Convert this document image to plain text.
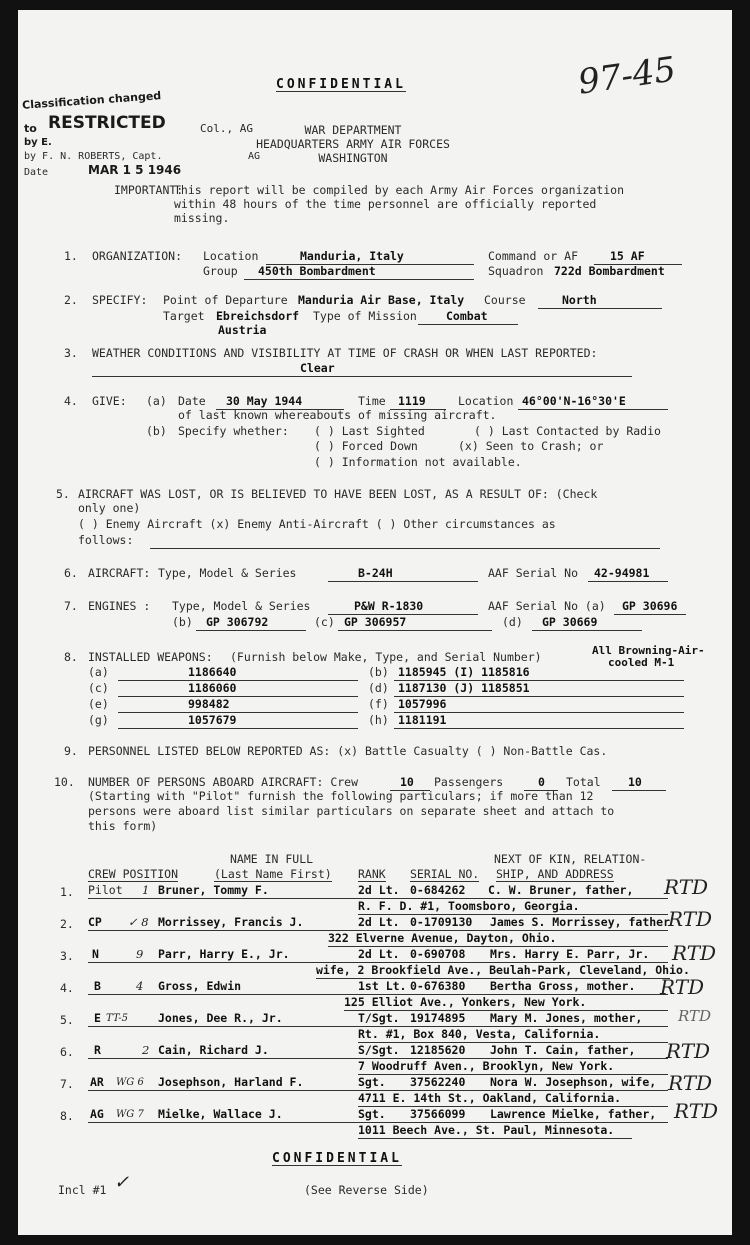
CONFIDENTIAL	97-45
Classification changed
to RESTRICTED	Col., AG
by E.
by F. N. ROBERTS, Capt.	AG
Date	MAR 1 5 1946
WAR DEPARTMENT
HEADQUARTERS ARMY AIR FORCES
WASHINGTON
IMPORTANT:
This report will be compiled by each Army Air Forces organization
within 48 hours of the time personnel are officially reported
missing.
1. ORGANIZATION: Location	Manduria, Italy	Command or AF	15 AF
Group 450th Bombardment	Squadron 722d Bombardment
2. SPECIFY: Point of Departure Manduria Air Base, Italy Course	North
Target Ebreichsdorf Type of Mission	Combat
Austria
3. WEATHER CONDITIONS AND VISIBILITY AT TIME OF CRASH OR WHEN LAST REPORTED:
Clear
4. GIVE: (a) Date 30 May 1944	Time 1119	Location 46°00'N-16°30'E
of last known whereabouts of missing aircraft.
(b) Specify whether: ( ) Last Sighted	( ) Last Contacted by Radio
( ) Forced Down	(x) Seen to Crash; or
( ) Information not available.
5. AIRCRAFT WAS LOST, OR IS BELIEVED TO HAVE BEEN LOST, AS A RESULT OF: (Check
only one)
( ) Enemy Aircraft (x) Enemy Anti-Aircraft ( ) Other circumstances as
follows:
6. AIRCRAFT: Type, Model & Series	B-24H	AAF Serial No 42-94981
7. ENGINES : Type, Model & Series	P&W R-1830	AAF Serial No (a) GP 30696
(b) GP 306792	(c) GP 306957	(d) GP 30669
8. INSTALLED WEAPONS: (Furnish below Make, Type, and Serial Number)	All Browning-Air-
cooled M-1
(a)	1186640	(b) 1185945 (I) 1185816
(c)	1186060	(d) 1187130 (J) 1185851
(e)	998482	(f) 1057996
(g)	1057679	(h) 1181191
9. PERSONNEL LISTED BELOW REPORTED AS: (x) Battle Casualty ( ) Non-Battle Cas.
10. NUMBER OF PERSONS ABOARD AIRCRAFT: Crew	10 Passengers	0 Total 10
(Starting with "Pilot" furnish the following particulars; if more than 12
persons were aboard list similar particulars on separate sheet and attach to
this form)
NAME IN FULL	NEXT OF KIN, RELATION-
CREW POSITION	(Last Name First) RANK SERIAL NO. SHIP, AND ADDRESS
1. Pilot 1 Bruner, Tommy F.	2d Lt. 0-684262 C. W. Bruner, father,
R. F. D. #1, Toomsboro, Georgia.
RTD
2. CP ✓ 8 Morrissey, Francis J.	2d Lt. 0-1709130 James S. Morrissey, father
322 Elverne Avenue, Dayton, Ohio.
RTD
3. N	9 Parr, Harry E., Jr.	2d Lt. 0-690708 Mrs. Harry E. Parr, Jr.
wife, 2 Brookfield Ave., Beulah-Park, Cleveland, Ohio.
RTD
4. B	4 Gross, Edwin	1st Lt. 0-676380 Bertha Gross, mother.
125 Elliot Ave., Yonkers, New York.
RTD
5. E TT-5	Jones, Dee R., Jr.	T/Sgt. 19174895 Mary M. Jones, mother,
Rt. #1, Box 840, Vesta, California.
RTD
6. R	2 Cain, Richard J.	S/Sgt. 12185620 John T. Cain, father,
7 Woodruff Aven., Brooklyn, New York.
RTD
7. AR WG 6 Josephson, Harland F.	Sgt. 37562240 Nora W. Josephson, wife,
4711 E. 14th St., Oakland, California.
RTD
8. AG WG 7 Mielke, Wallace J.	Sgt. 37566099 Lawrence Mielke, father,
1011 Beech Ave., St. Paul, Minnesota.
RTD
CONFIDENTIAL
Incl #1 ✓	(See Reverse Side)
